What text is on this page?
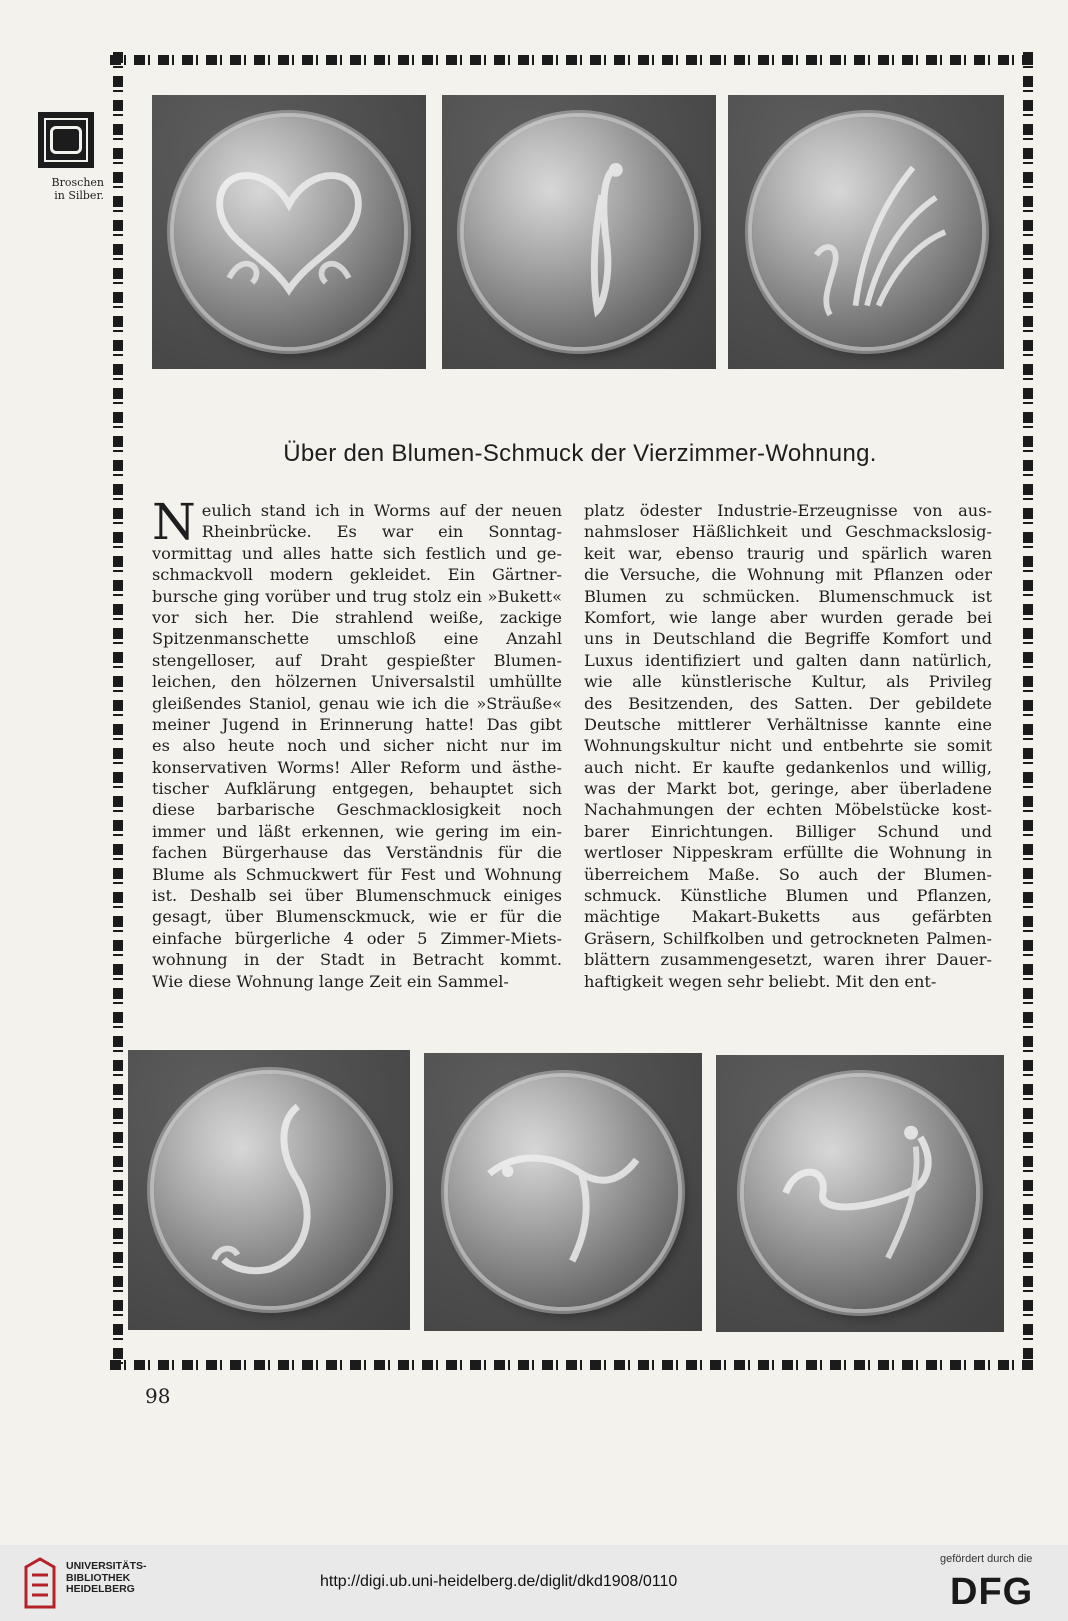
Broschen
in Silber.
Über den Blumen-Schmuck der Vierzimmer-Wohnung.
N eulich stand ich in Worms auf der neuen
Rheinbrücke. Es war ein Sonntag-
vormittag und alles hatte sich festlich und ge-
schmackvoll modern gekleidet. Ein Gärtner-
bursche ging vorüber und trug stolz ein »Bukett«
vor sich her. Die strahlend weiße, zackige
Spitzenmanschette umschloß eine Anzahl
stengelloser, auf Draht gespießter Blumen-
leichen, den hölzernen Universalstil umhüllte
gleißendes Staniol, genau wie ich die »Sträuße«
meiner Jugend in Erinnerung hatte! Das gibt
es also heute noch und sicher nicht nur im
konservativen Worms! Aller Reform und ästhe-
tischer Aufklärung entgegen, behauptet sich
diese barbarische Geschmacklosigkeit noch
immer und läßt erkennen, wie gering im ein-
fachen Bürgerhause das Verständnis für die
Blume als Schmuckwert für Fest und Wohnung
ist. Deshalb sei über Blumenschmuck einiges
gesagt, über Blumensckmuck, wie er für die
einfache bürgerliche 4 oder 5 Zimmer-Miets-
wohnung in der Stadt in Betracht kommt.
Wie diese Wohnung lange Zeit ein Sammel-
platz ödester Industrie-Erzeugnisse von aus-
nahmsloser Häßlichkeit und Geschmackslosig-
keit war, ebenso traurig und spärlich waren
die Versuche, die Wohnung mit Pflanzen oder
Blumen zu schmücken. Blumenschmuck ist
Komfort, wie lange aber wurden gerade bei
uns in Deutschland die Begriffe Komfort und
Luxus identifiziert und galten dann natürlich,
wie alle künstlerische Kultur, als Privileg
des Besitzenden, des Satten. Der gebildete
Deutsche mittlerer Verhältnisse kannte eine
Wohnungskultur nicht und entbehrte sie somit
auch nicht. Er kaufte gedankenlos und willig,
was der Markt bot, geringe, aber überladene
Nachahmungen der echten Möbelstücke kost-
barer Einrichtungen. Billiger Schund und
wertloser Nippeskram erfüllte die Wohnung in
überreichem Maße. So auch der Blumen-
schmuck. Künstliche Blumen und Pflanzen,
mächtige Makart-Buketts aus gefärbten
Gräsern, Schilfkolben und getrockneten Palmen-
blättern zusammengesetzt, waren ihrer Dauer-
haftigkeit wegen sehr beliebt. Mit den ent-
98
UNIVERSITÄTS-
BIBLIOTHEK
HEIDELBERG	http://digi.ub.uni-heidelberg.de/diglit/dkd1908/0110
gefördert durch die
DFG
